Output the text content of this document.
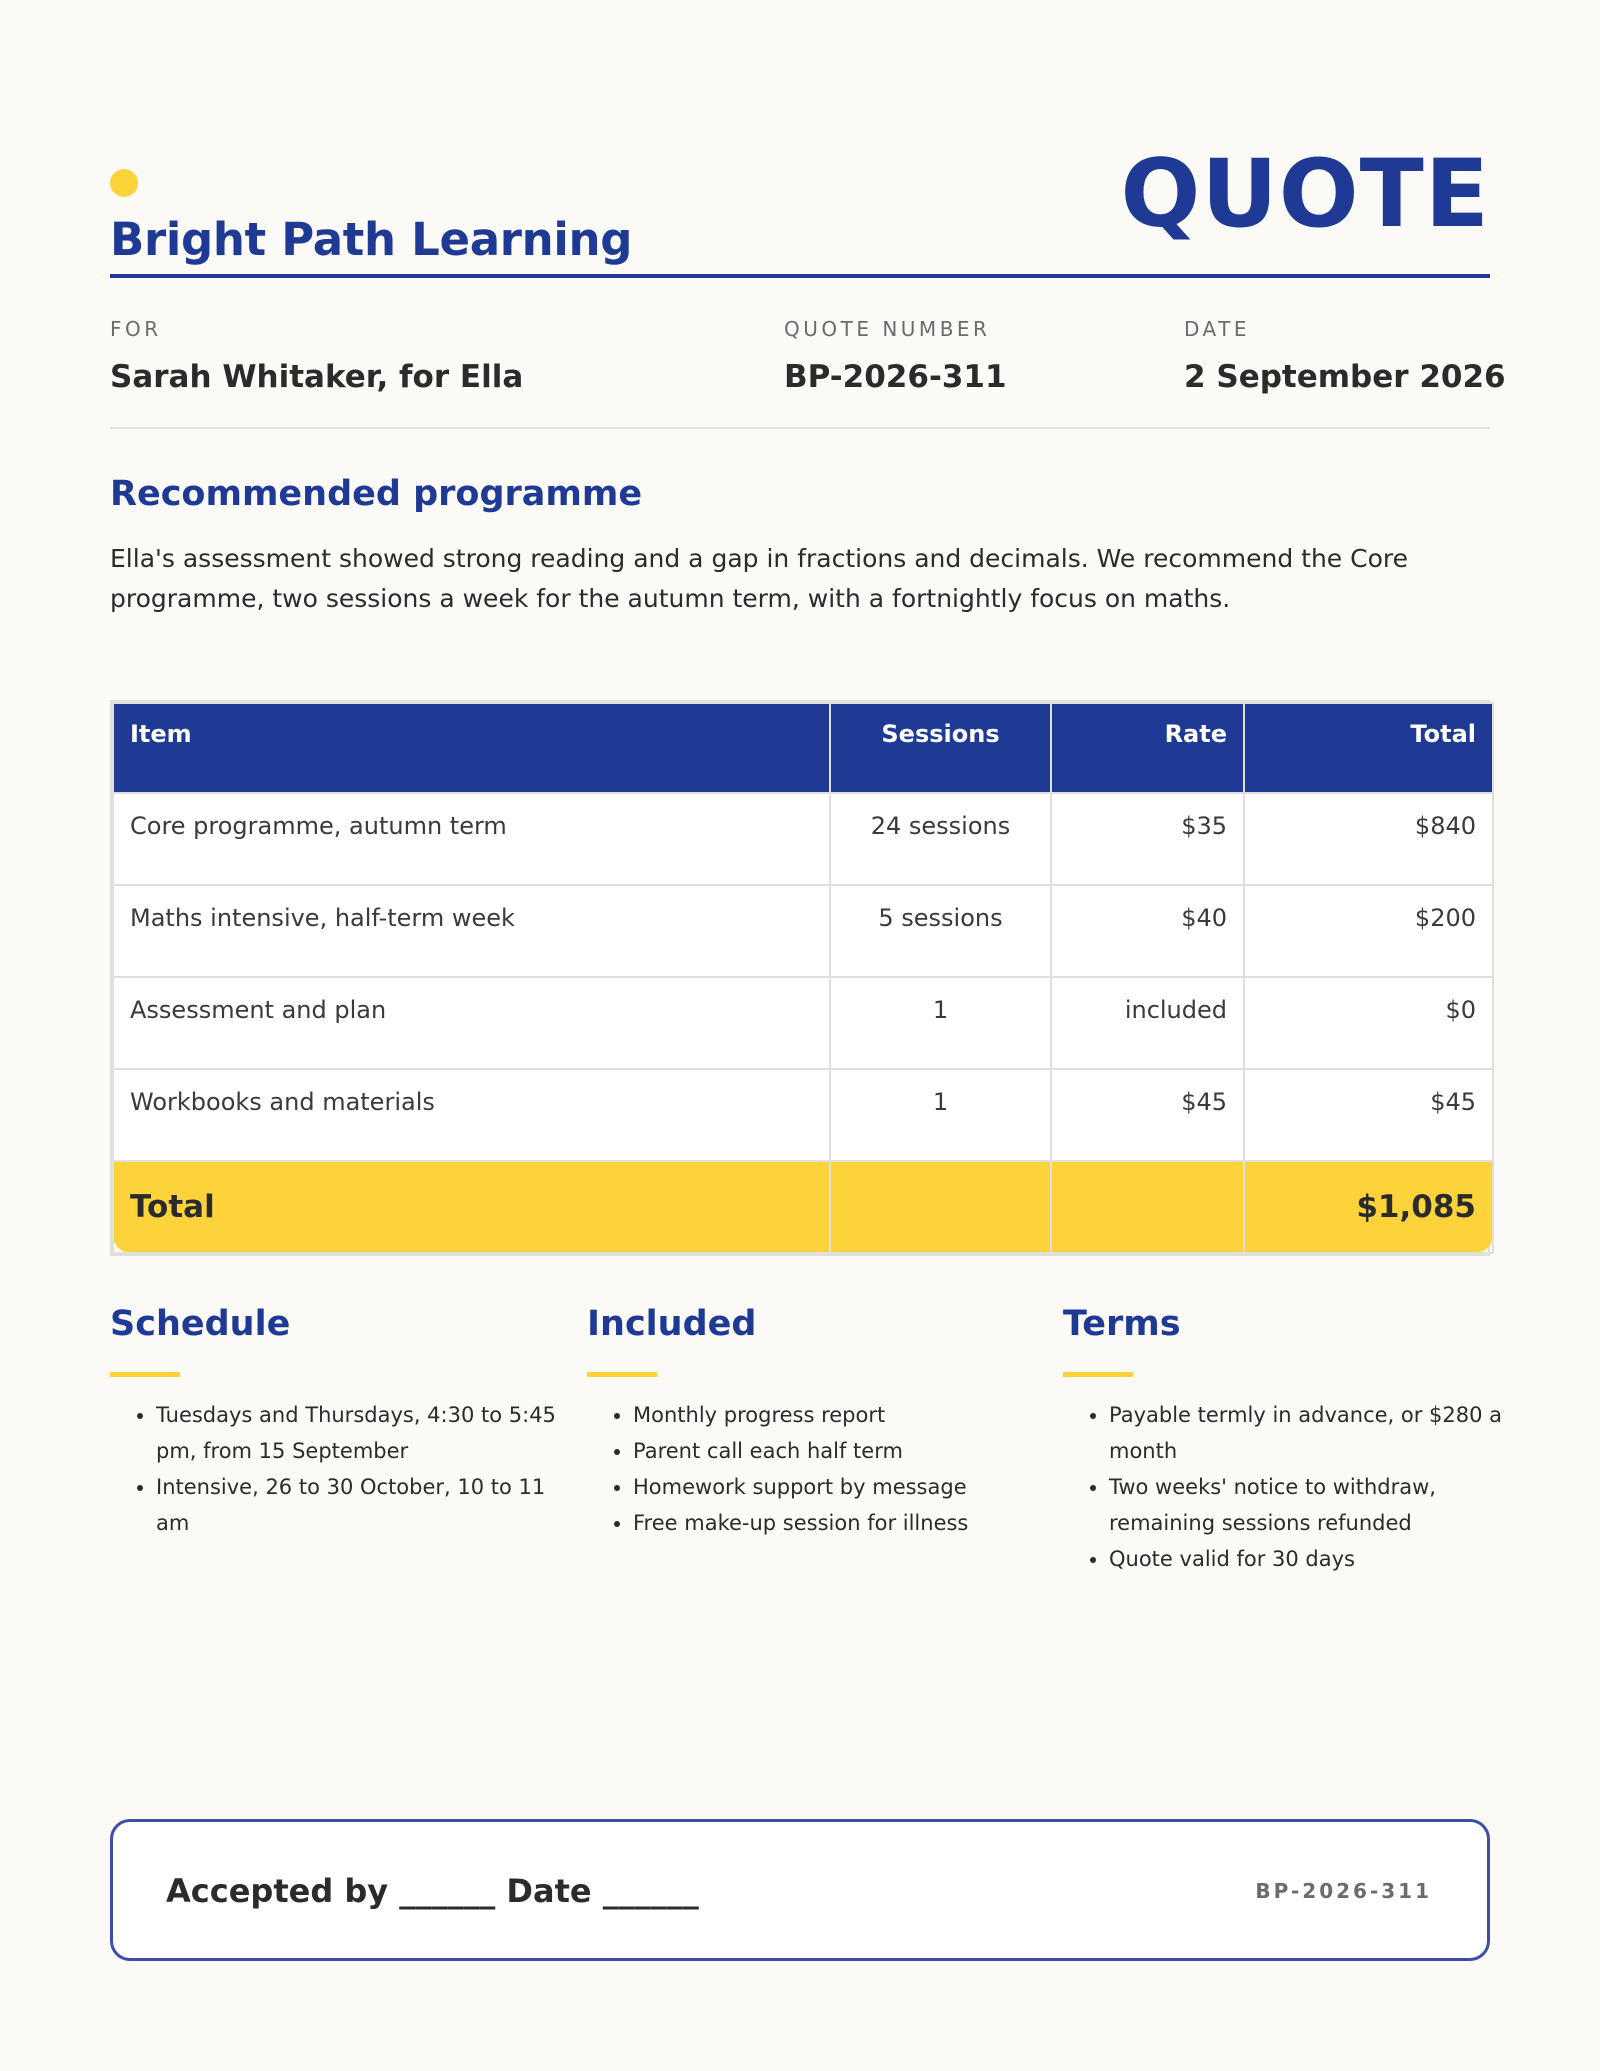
Bright Path Learning	QUOTE
FOR
Sarah Whitaker, for Ella
QUOTE NUMBER
BP-2026-311
DATE
2 September 2026
Recommended programme
Ella's assessment showed strong reading and a gap in fractions and decimals. We recommend the Core programme, two sessions a week for the autumn term, with a fortnightly focus on maths.
Item	Sessions	Rate	Total
Core programme, autumn term	24 sessions	$35	$840
Maths intensive, half-term week	5 sessions	$40	$200
Assessment and plan	1	included	$0
Workbooks and materials	1	$45	$45
Total			$1,085
Schedule
• Tuesdays and Thursdays, 4:30 to 5:45 pm, from 15 September
• Intensive, 26 to 30 October, 10 to 11 am
Included
• Monthly progress report
• Parent call each half term
• Homework support by message
• Free make-up session for illness
Terms
• Payable termly in advance, or $280 a month
• Two weeks' notice to withdraw, remaining sessions refunded
• Quote valid for 30 days
Accepted by ______ Date ______	BP-2026-311
